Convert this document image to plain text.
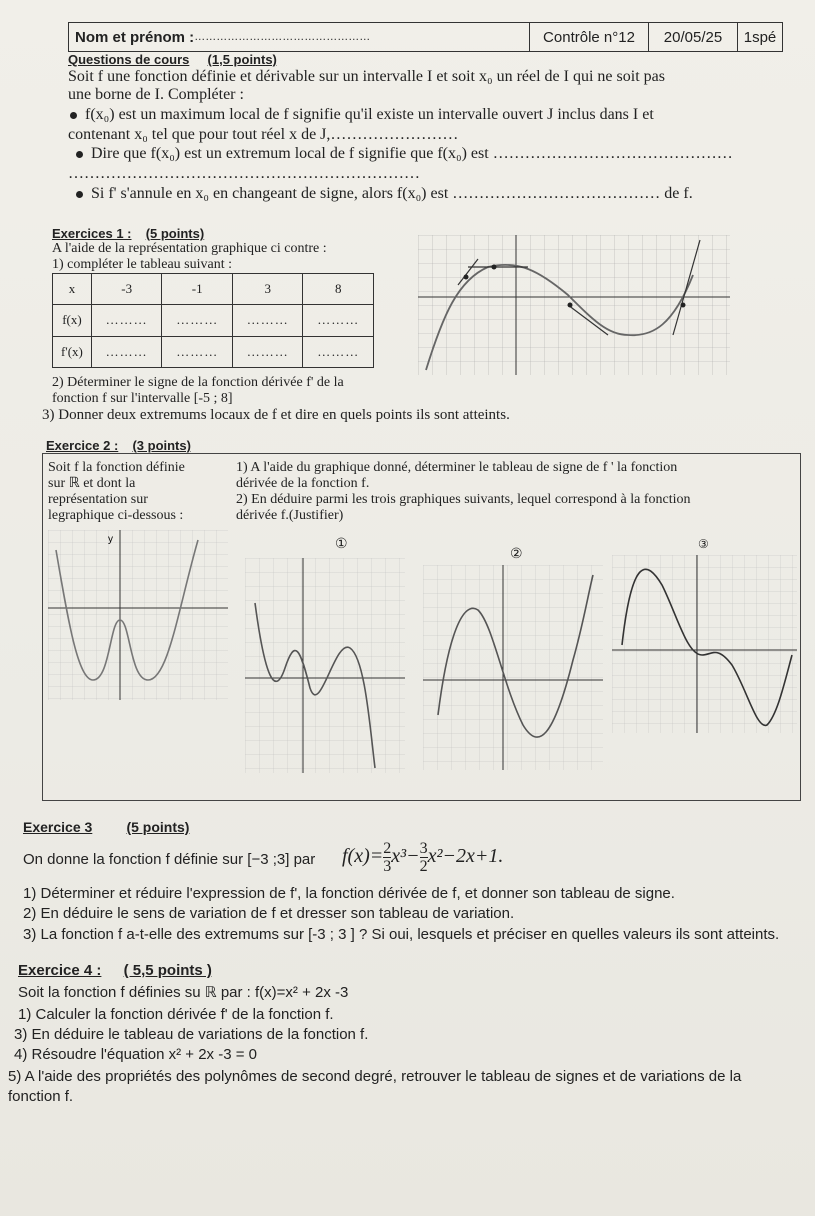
Nom et prénom : …………………………………………	Contrôle n°12	20/05/25	1spé
Questions de cours (1,5 points)
Soit f une fonction définie et dérivable sur un intervalle I et soit x₀ un réel de I qui ne soit pas
une borne de I. Compléter :
f(x₀) est un maximum local de f signifie qu'il existe un intervalle ouvert J inclus dans I et
contenant x₀ tel que pour tout réel x de J,……………………
Dire que f(x₀) est un extremum local de f signifie que f(x₀) est ………………………………………
…………………………………………………………
Si f' s'annule en x₀ en changeant de signe, alors f(x₀) est ………………………………… de f.
Exercices 1 : (5 points)
A l'aide de la représentation graphique ci contre :
1) compléter le tableau suivant :
x	-3	-1	3	8
f(x)	………	………	………	………
f'(x)	………	………	………	………
2) Déterminer le signe de la fonction dérivée f' de la
fonction f sur l'intervalle [-5 ; 8]
3) Donner deux extremums locaux de f et dire en quels points ils sont atteints.
Exercice 2 : (3 points)
Soit f la fonction définie
sur ℝ et dont la
représentation sur
legraphique ci-dessous :
1) A l'aide du graphique donné, déterminer le tableau de signe de f ' la fonction
dérivée de la fonction f.
2) En déduire parmi les trois graphiques suivants, lequel correspond à la fonction
dérivée f.(Justifier)
y	①
②
③
Exercice 3 (5 points)
On donne la fonction f définie sur [−3 ;3] par $f(x)= \frac{2}{3} x^3- \frac{3}{2} x^2-2x+1$.
1) Déterminer et réduire l'expression de f', la fonction dérivée de f, et donner son tableau de signe.
2) En déduire le sens de variation de f et dresser son tableau de variation.
3) La fonction f a-t-elle des extremums sur [-3 ; 3 ] ? Si oui, lesquels et préciser en quelles valeurs ils sont atteints.
Exercice 4 : ( 5,5 points )
Soit la fonction f définies su ℝ par : f(x)=x² + 2x -3
1) Calculer la fonction dérivée f' de la fonction f.
3) En déduire le tableau de variations de la fonction f.
4) Résoudre l'équation x² + 2x -3 = 0
5) A l'aide des propriétés des polynômes de second degré, retrouver le tableau de signes et de variations de la
fonction f.
